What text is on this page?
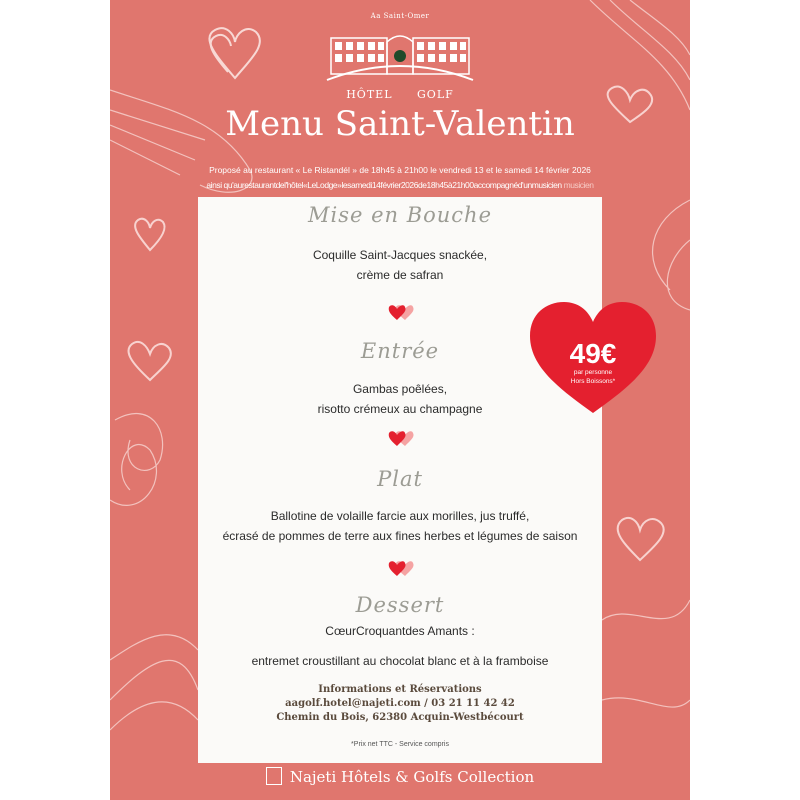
Aa Saint-Omer
HÔTEL GOLF
Menu Saint-Valentin
Proposé au restaurant « Le Ristandél » de 18h45 à 21h00 le vendredi 13 et le samedi 14 février 2026
ainsi qu'aurestaurantdel'hôtel«LeLodge»lesamedi14février2026de18h45à21h00accompagnéd'unmusicien musicien
Mise en Bouche
Coquille Saint-Jacques snackée,
crème de safran
Entrée
Gambas poêlées,
risotto crémeux au champagne
Plat
Ballotine de volaille farcie aux morilles, jus truffé,
écrasé de pommes de terre aux fines herbes et légumes de saison
Dessert
CœurCroquantdes Amants :
entremet croustillant au chocolat blanc et à la framboise
Informations et Réservations
aagolf.hotel@najeti.com / 03 21 11 42 42
Chemin du Bois, 62380 Acquin-Westbécourt
*Prix net TTC - Service compris
49€
par personne
Hors Boissons*
Najeti Hôtels & Golfs Collection
